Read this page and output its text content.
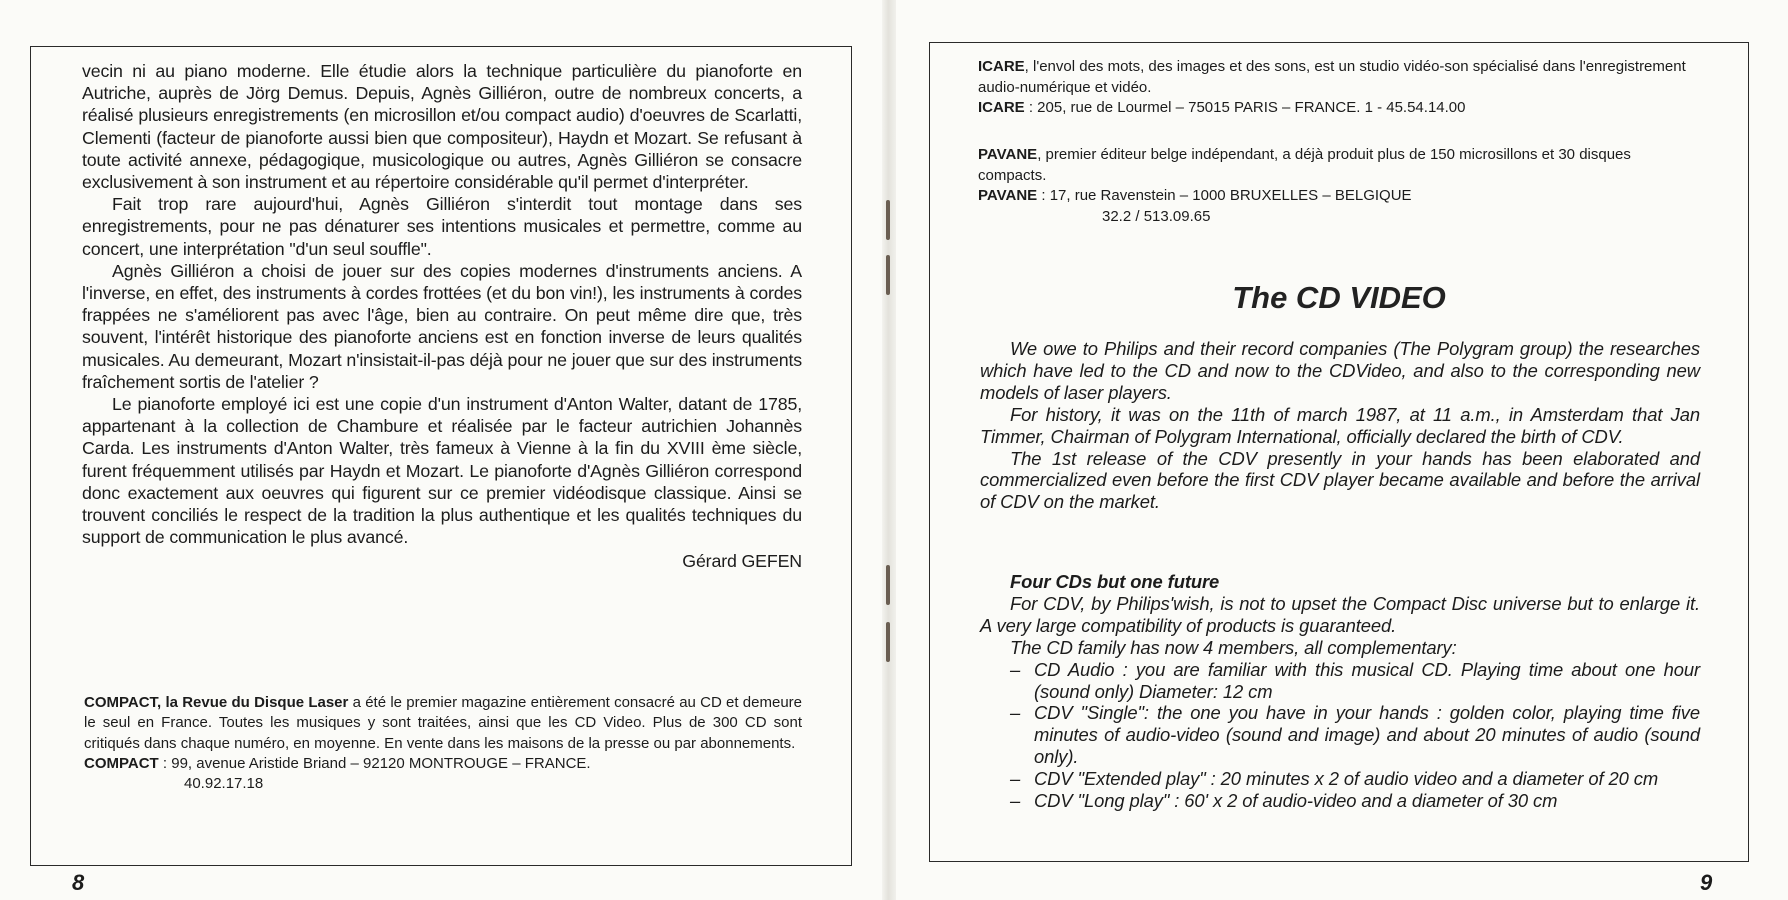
vecin ni au piano moderne. Elle étudie alors la technique particulière du pianoforte en Autriche, auprès de Jörg Demus. Depuis, Agnès Gilliéron, outre de nombreux concerts, a réalisé plusieurs enregistrements (en microsillon et/ou compact audio) d'oeuvres de Scarlatti, Clementi (facteur de pianoforte aussi bien que compositeur), Haydn et Mozart. Se refusant à toute activité annexe, pédagogique, musicologique ou autres, Agnès Gilliéron se consacre exclusivement à son instrument et au répertoire considérable qu'il permet d'interpréter.

Fait trop rare aujourd'hui, Agnès Gilliéron s'interdit tout montage dans ses enregistrements, pour ne pas dénaturer ses intentions musicales et permettre, comme au concert, une interprétation "d'un seul souffle".

Agnès Gilliéron a choisi de jouer sur des copies modernes d'instruments anciens. A l'inverse, en effet, des instruments à cordes frottées (et du bon vin!), les instruments à cordes frappées ne s'améliorent pas avec l'âge, bien au contraire. On peut même dire que, très souvent, l'intérêt historique des pianoforte anciens est en fonction inverse de leurs qualités musicales. Au demeurant, Mozart n'insistait-il-pas déjà pour ne jouer que sur des instruments fraîchement sortis de l'atelier ?

Le pianoforte employé ici est une copie d'un instrument d'Anton Walter, datant de 1785, appartenant à la collection de Chambure et réalisée par le facteur autrichien Johannès Carda. Les instruments d'Anton Walter, très fameux à Vienne à la fin du XVIII ème siècle, furent fréquemment utilisés par Haydn et Mozart. Le pianoforte d'Agnès Gilliéron correspond donc exactement aux oeuvres qui figurent sur ce premier vidéodisque classique. Ainsi se trouvent conciliés le respect de la tradition la plus authentique et les qualités techniques du support de communication le plus avancé.

Gérard GEFEN

COMPACT, la Revue du Disque Laser a été le premier magazine entièrement consacré au CD et demeure le seul en France. Toutes les musiques y sont traitées, ainsi que les CD Video. Plus de 300 CD sont critiqués dans chaque numéro, en moyenne. En vente dans les maisons de la presse ou par abonnements.

COMPACT : 99, avenue Aristide Briand – 92120 MONTROUGE – FRANCE.

40.92.17.18

8

ICARE, l'envol des mots, des images et des sons, est un studio vidéo-son spécialisé dans l'enregistrement audio-numérique et vidéo.

ICARE : 205, rue de Lourmel – 75015 PARIS – FRANCE. 1 - 45.54.14.00

PAVANE, premier éditeur belge indépendant, a déjà produit plus de 150 microsillons et 30 disques compacts.

PAVANE : 17, rue Ravenstein – 1000 BRUXELLES – BELGIQUE

32.2 / 513.09.65

The CD VIDEO

We owe to Philips and their record companies (The Polygram group) the researches which have led to the CD and now to the CDVideo, and also to the corresponding new models of laser players.

For history, it was on the 11th of march 1987, at 11 a.m., in Amsterdam that Jan Timmer, Chairman of Polygram International, officially declared the birth of CDV.

The 1st release of the CDV presently in your hands has been elaborated and commercialized even before the first CDV player became available and before the arrival of CDV on the market.

Four CDs but one future

For CDV, by Philips'wish, is not to upset the Compact Disc universe but to enlarge it. A very large compatibility of products is guaranteed.

The CD family has now 4 members, all complementary:

– CD Audio : you are familiar with this musical CD. Playing time about one hour (sound only) Diameter: 12 cm
– CDV "Single": the one you have in your hands : golden color, playing time five minutes of audio-video (sound and image) and about 20 minutes of audio (sound only).
– CDV "Extended play" : 20 minutes x 2 of audio video and a diameter of 20 cm
– CDV "Long play" : 60' x 2 of audio-video and a diameter of 30 cm
9
